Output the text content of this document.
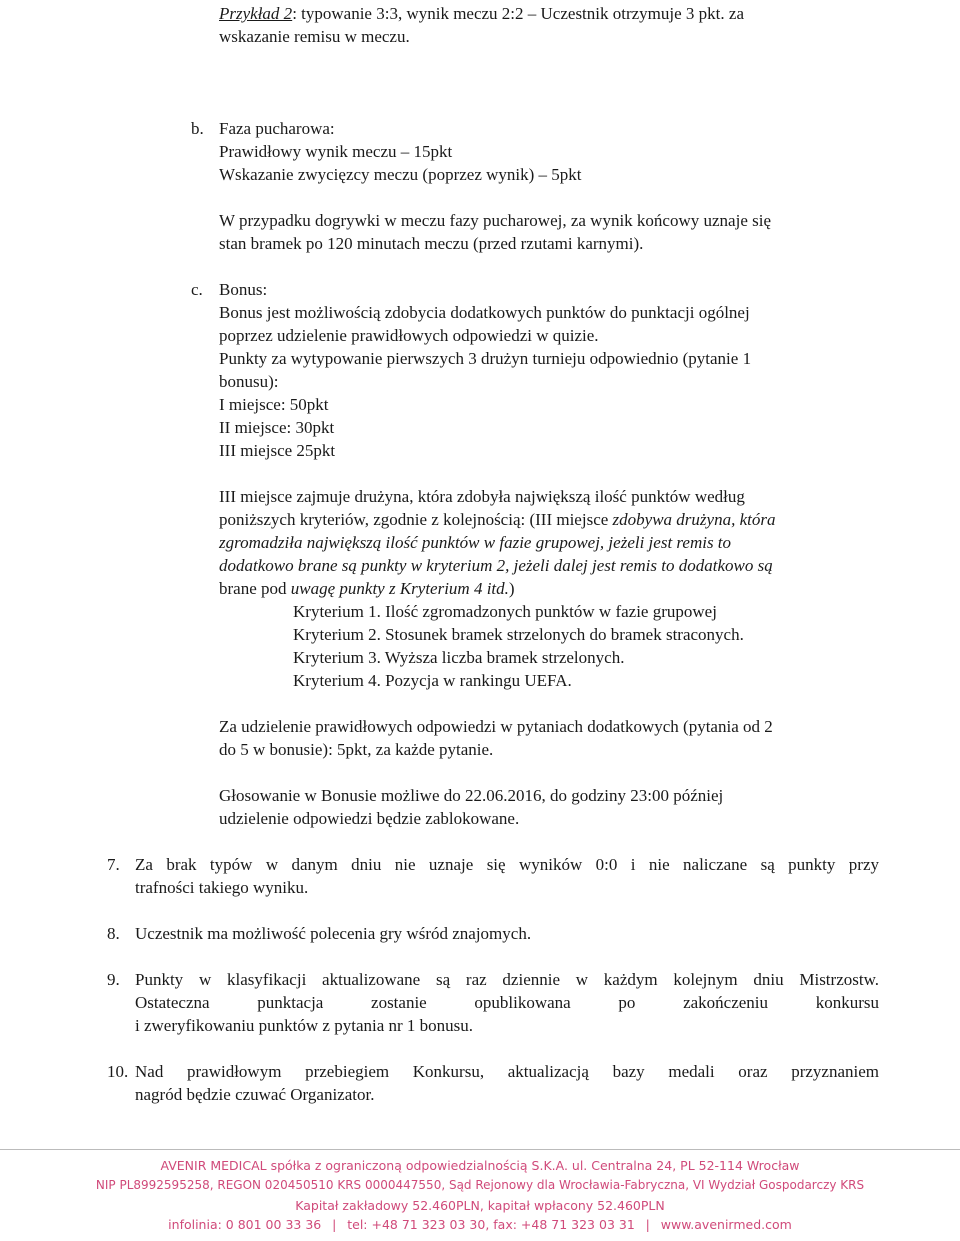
Przykład 2: typowanie 3:3, wynik meczu 2:2 – Uczestnik otrzymuje 3 pkt. za
wskazanie remisu w meczu.
b. Faza pucharowa:
Prawidłowy wynik meczu – 15pkt
Wskazanie zwycięzcy meczu (poprzez wynik) – 5pkt
W przypadku dogrywki w meczu fazy pucharowej, za wynik końcowy uznaje się
stan bramek po 120 minutach meczu (przed rzutami karnymi).
c. Bonus:
Bonus jest możliwością zdobycia dodatkowych punktów do punktacji ogólnej
poprzez udzielenie prawidłowych odpowiedzi w quizie.
Punkty za wytypowanie pierwszych 3 drużyn turnieju odpowiednio (pytanie 1
bonusu):
I miejsce: 50pkt
II miejsce: 30pkt
III miejsce 25pkt
III miejsce zajmuje drużyna, która zdobyła największą ilość punktów według
poniższych kryteriów, zgodnie z kolejnością: (III miejsce zdobywa drużyna, która
zgromadziła największą ilość punktów w fazie grupowej, jeżeli jest remis to
dodatkowo brane są punkty w kryterium 2, jeżeli dalej jest remis to dodatkowo są
brane pod uwagę punkty z Kryterium 4 itd.)
Kryterium 1. Ilość zgromadzonych punktów w fazie grupowej
Kryterium 2. Stosunek bramek strzelonych do bramek straconych.
Kryterium 3. Wyższa liczba bramek strzelonych.
Kryterium 4. Pozycja w rankingu UEFA.
Za udzielenie prawidłowych odpowiedzi w pytaniach dodatkowych (pytania od 2
do 5 w bonusie): 5pkt, za każde pytanie.
Głosowanie w Bonusie możliwe do 22.06.2016, do godziny 23:00 później
udzielenie odpowiedzi będzie zablokowane.
7. Za brak typów w danym dniu nie uznaje się wyników 0:0 i nie naliczane są punkty przy
trafności takiego wyniku.
8. Uczestnik ma możliwość polecenia gry wśród znajomych.
9. Punkty w klasyfikacji aktualizowane są raz dziennie w każdym kolejnym dniu Mistrzostw.
Ostateczna punktacja zostanie opublikowana po zakończeniu konkursu
i zweryfikowaniu punktów z pytania nr 1 bonusu.
10. Nad prawidłowym przebiegiem Konkursu, aktualizacją bazy medali oraz przyznaniem
nagród będzie czuwać Organizator.
AVENIR MEDICAL spółka z ograniczoną odpowiedzialnością S.K.A. ul. Centralna 24, PL 52-114 Wrocław
NIP PL8992595258, REGON 020450510 KRS 0000447550, Sąd Rejonowy dla Wrocławia-Fabryczna, VI Wydział Gospodarczy KRS
Kapitał zakładowy 52.460PLN, kapitał wpłacony 52.460PLN
infolinia: 0 801 00 33 36 | tel: +48 71 323 03 30, fax: +48 71 323 03 31 | www.avenirmed.com
